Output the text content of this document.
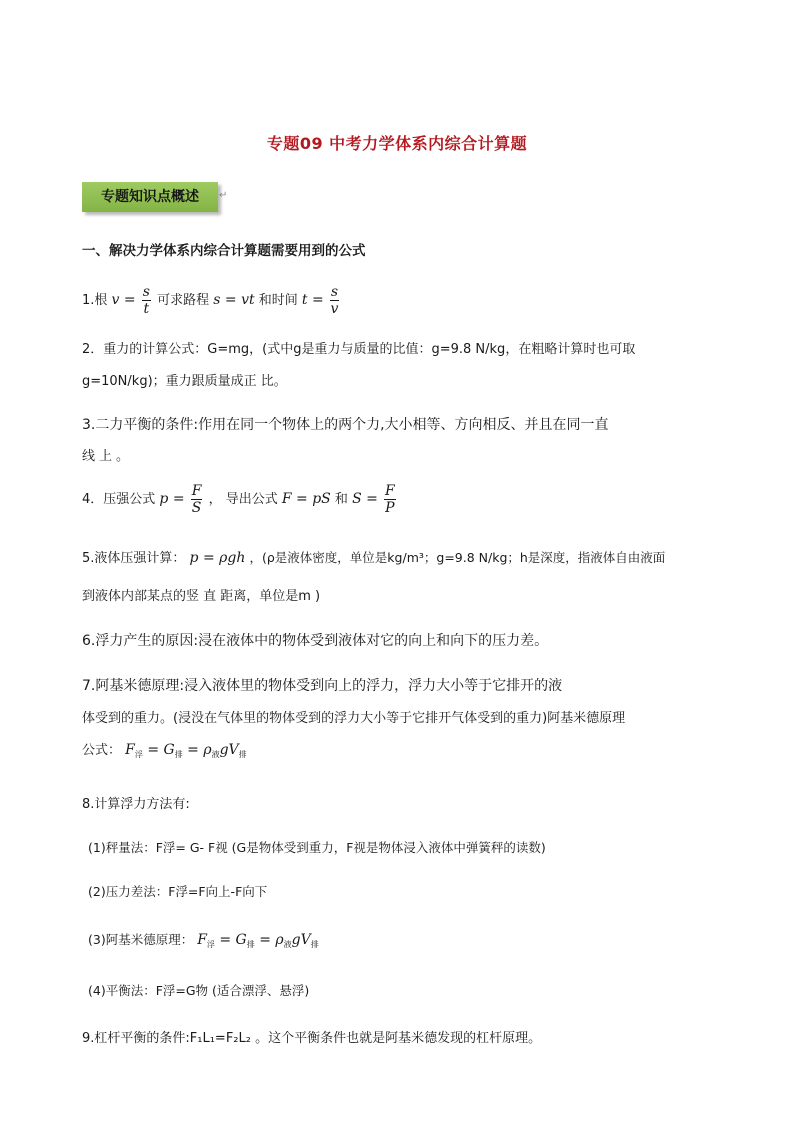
专题09 中考力学体系内综合计算题
专题知识点概述	↵
一、解决力学体系内综合计算题需要用到的公式
1.根 $v = \frac{s}{t}$ 可求路程 s = vt 和时间 $t = \frac{s}{v}$
2．重力的计算公式：G=mg，(式中g是重力与质量的比值：g=9.8 N/kg，在粗略计算时也可取
g=10N/kg)；重力跟质量成正 比。
3.二力平衡的条件:作用在同一个物体上的两个力,大小相等、方向相反、并且在同一直
线上。
4．压强公式 $p = \frac{F}{S}$ ， 导出公式 F = pS 和 $S = \frac{F}{P}$
5.液体压强计算： p = ρgh ，(ρ是液体密度，单位是kg/m³；g=9.8 N/kg；h是深度，指液体自由液面
到液体内部某点的竖 直 距离，单位是m )
6.浮力产生的原因:浸在液体中的物体受到液体对它的向上和向下的压力差。
7.阿基米德原理:浸入液体里的物体受到向上的浮力，浮力大小等于它排开的液
体受到的重力。(浸没在气体里的物体受到的浮力大小等于它排开气体受到的重力)阿基米德原理
公式： $F_浮 = G_排 = \rho_液gV_排$
8.计算浮力方法有:
(1)秤量法：F浮= G- F视 (G是物体受到重力，F视是物体浸入液体中弹簧秤的读数)
(2)压力差法：F浮=F向上-F向下
(3)阿基米德原理： $F_浮 = G_排 = \rho_液gV_排$
(4)平衡法：F浮=G物 (适合漂浮、悬浮)
9.杠杆平衡的条件:F₁L₁=F₂L₂ 。这个平衡条件也就是阿基米德发现的杠杆原理。
